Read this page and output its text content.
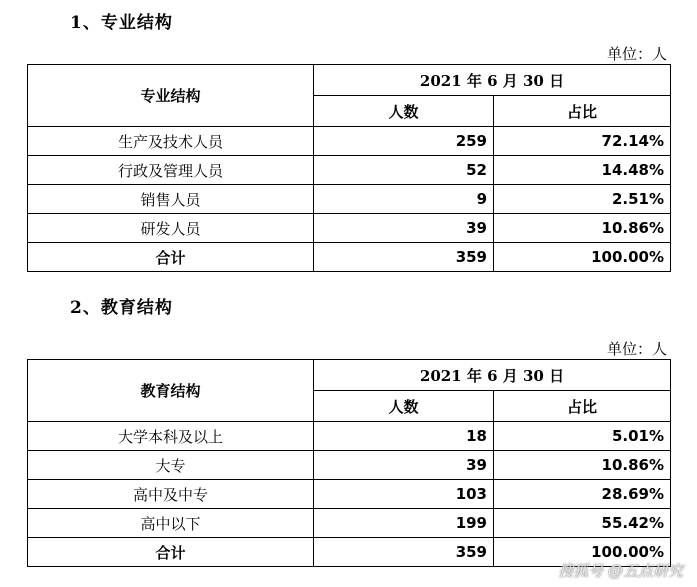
1、专业结构
单位：人
专业结构	2021 年 6 月 30 日	
	人数	占比
生产及技术人员	259	72.14%
行政及管理人员	52	14.48%
销售人员	9	2.51%
研发人员	39	10.86%
合计	359	100.00%
2、教育结构
单位：人
教育结构	2021 年 6 月 30 日	
	人数	占比
大学本科及以上	18	5.01%
大专	39	10.86%
高中及中专	103	28.69%
高中以下	199	55.42%
合计	359	100.00%
搜狐号 @五点研究
